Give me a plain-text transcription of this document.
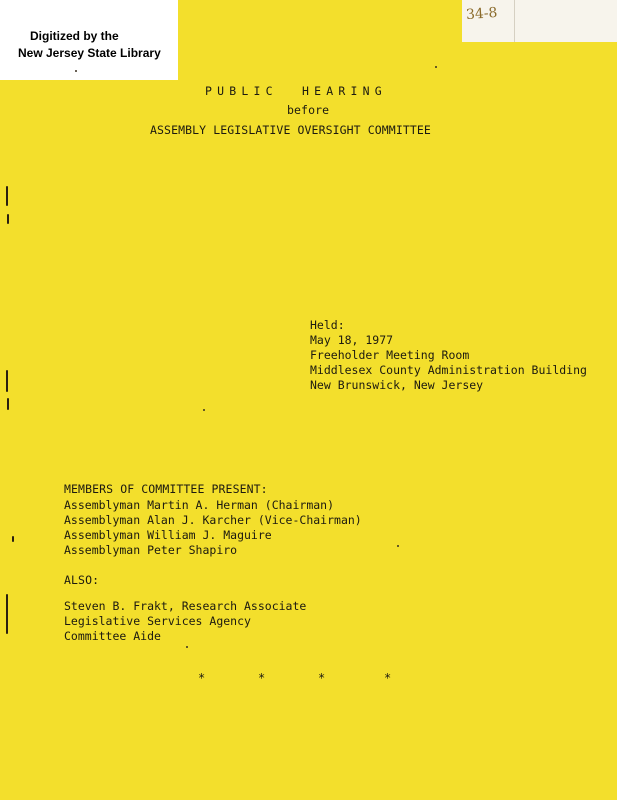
Digitized by the
New Jersey State Library
34-8
PUBLIC  HEARING
before
ASSEMBLY LEGISLATIVE OVERSIGHT COMMITTEE
Held:
May 18, 1977
Freeholder Meeting Room
Middlesex County Administration Building
New Brunswick, New Jersey
MEMBERS OF COMMITTEE PRESENT:
Assemblyman Martin A. Herman (Chairman)
Assemblyman Alan J. Karcher (Vice-Chairman)
Assemblyman William J. Maguire
Assemblyman Peter Shapiro
ALSO:
Steven B. Frakt, Research Associate
Legislative Services Agency
Committee Aide
*	*	*	*
